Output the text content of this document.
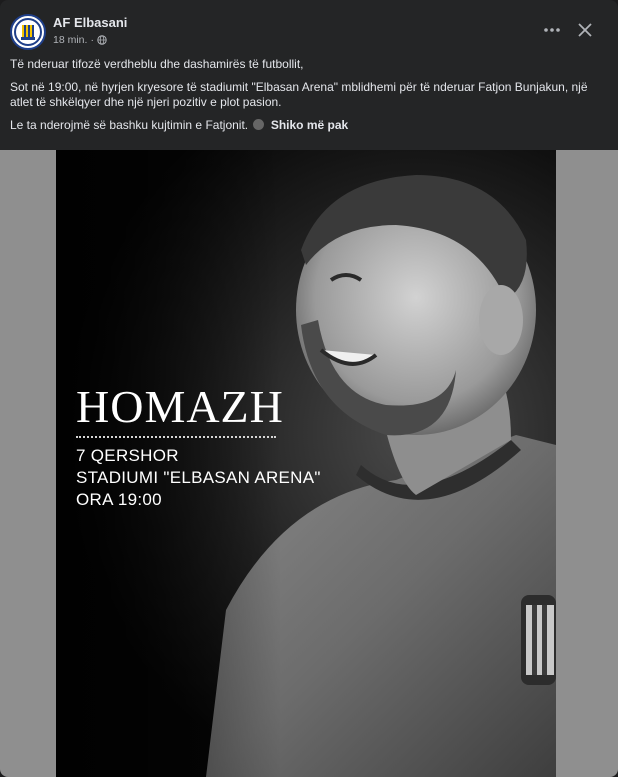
AF Elbasani
18 min. ·

Të nderuar tifozë verdheblu dhe dashamirës të futbollit,

Sot në 19:00, në hyrjen kryesore të stadiumit "Elbasan Arena" mblidhemi për të nderuar Fatjon Bunjakun, një atlet të shkëlqyer dhe një njeri pozitiv e plot pasion.

Le ta nderojmë së bashku kujtimin e Fatjonit. Shiko më pak

HOMAZH
7 QERSHOR
STADIUMI "ELBASAN ARENA"
ORA 19:00
